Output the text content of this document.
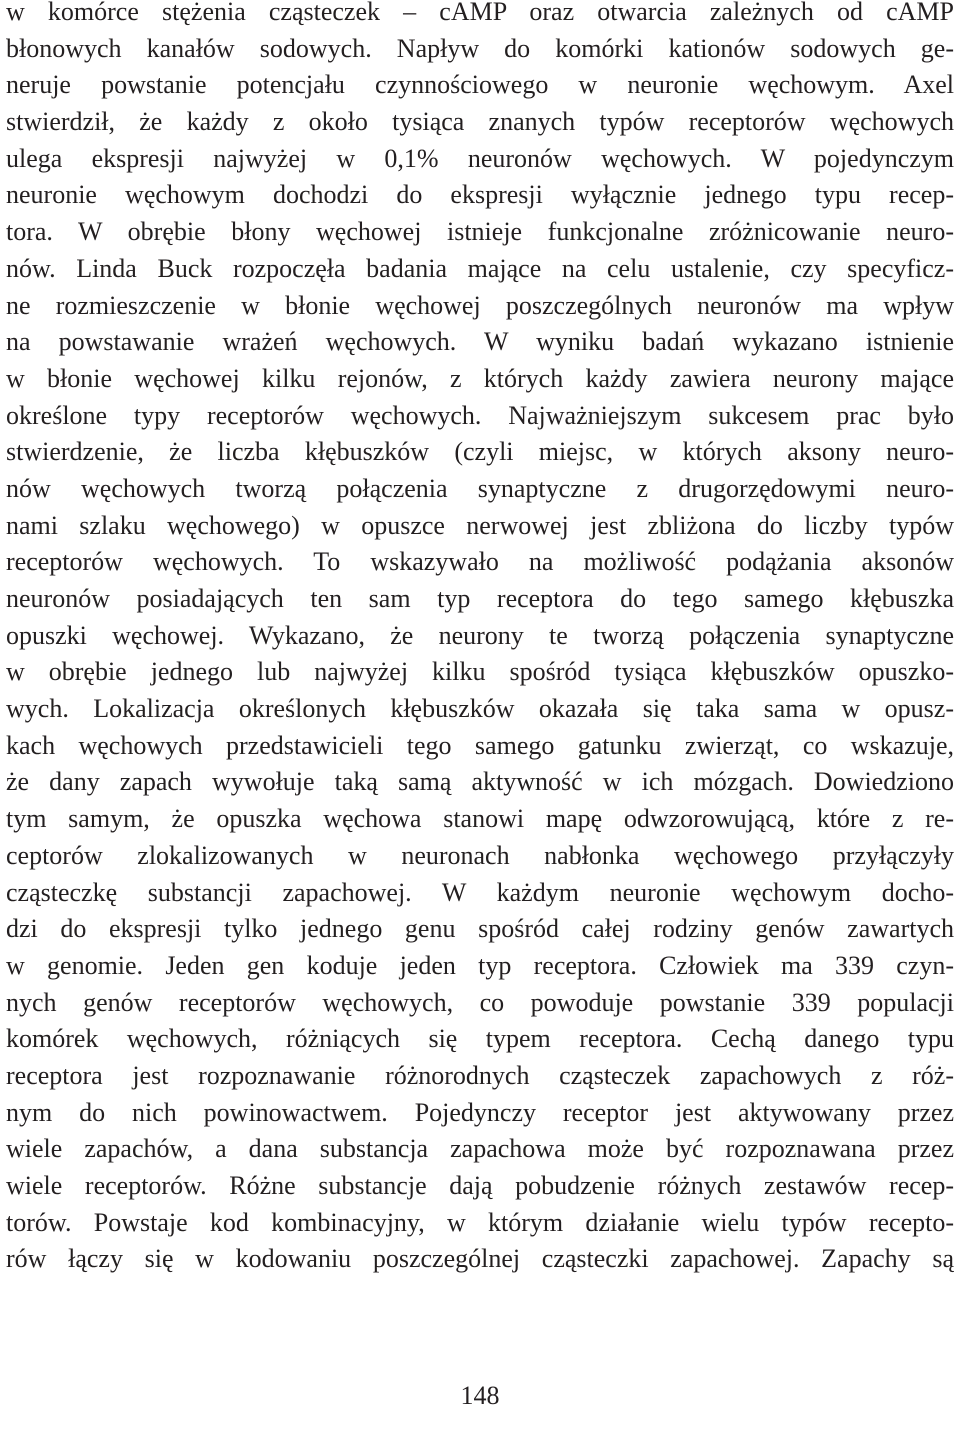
w komórce stężenia cząsteczek – cAMP oraz otwarcia zależnych od cAMP
błonowych kanałów sodowych. Napływ do komórki kationów sodowych ge-
neruje powstanie potencjału czynnościowego w neuronie węchowym. Axel
stwierdził, że każdy z około tysiąca znanych typów receptorów węchowych
ulega ekspresji najwyżej w 0,1% neuronów węchowych. W pojedynczym
neuronie węchowym dochodzi do ekspresji wyłącznie jednego typu recep-
tora. W obrębie błony węchowej istnieje funkcjonalne zróżnicowanie neuro-
nów. Linda Buck rozpoczęła badania mające na celu ustalenie, czy specyficz-
ne rozmieszczenie w błonie węchowej poszczególnych neuronów ma wpływ
na powstawanie wrażeń węchowych. W wyniku badań wykazano istnienie
w błonie węchowej kilku rejonów, z których każdy zawiera neurony mające
określone typy receptorów węchowych. Najważniejszym sukcesem prac było
stwierdzenie, że liczba kłębuszków (czyli miejsc, w których aksony neuro-
nów węchowych tworzą połączenia synaptyczne z drugorzędowymi neuro-
nami szlaku węchowego) w opuszce nerwowej jest zbliżona do liczby typów
receptorów węchowych. To wskazywało na możliwość podążania aksonów
neuronów posiadających ten sam typ receptora do tego samego kłębuszka
opuszki węchowej. Wykazano, że neurony te tworzą połączenia synaptyczne
w obrębie jednego lub najwyżej kilku spośród tysiąca kłębuszków opuszko-
wych. Lokalizacja określonych kłębuszków okazała się taka sama w opusz-
kach węchowych przedstawicieli tego samego gatunku zwierząt, co wskazuje,
że dany zapach wywołuje taką samą aktywność w ich mózgach. Dowiedziono
tym samym, że opuszka węchowa stanowi mapę odwzorowującą, które z re-
ceptorów zlokalizowanych w neuronach nabłonka węchowego przyłączyły
cząsteczkę substancji zapachowej. W każdym neuronie węchowym docho-
dzi do ekspresji tylko jednego genu spośród całej rodziny genów zawartych
w genomie. Jeden gen koduje jeden typ receptora. Człowiek ma 339 czyn-
nych genów receptorów węchowych, co powoduje powstanie 339 populacji
komórek węchowych, różniących się typem receptora. Cechą danego typu
receptora jest rozpoznawanie różnorodnych cząsteczek zapachowych z róż-
nym do nich powinowactwem. Pojedynczy receptor jest aktywowany przez
wiele zapachów, a dana substancja zapachowa może być rozpoznawana przez
wiele receptorów. Różne substancje dają pobudzenie różnych zestawów recep-
torów. Powstaje kod kombinacyjny, w którym działanie wielu typów recepto-
rów łączy się w kodowaniu poszczególnej cząsteczki zapachowej. Zapachy są
148
